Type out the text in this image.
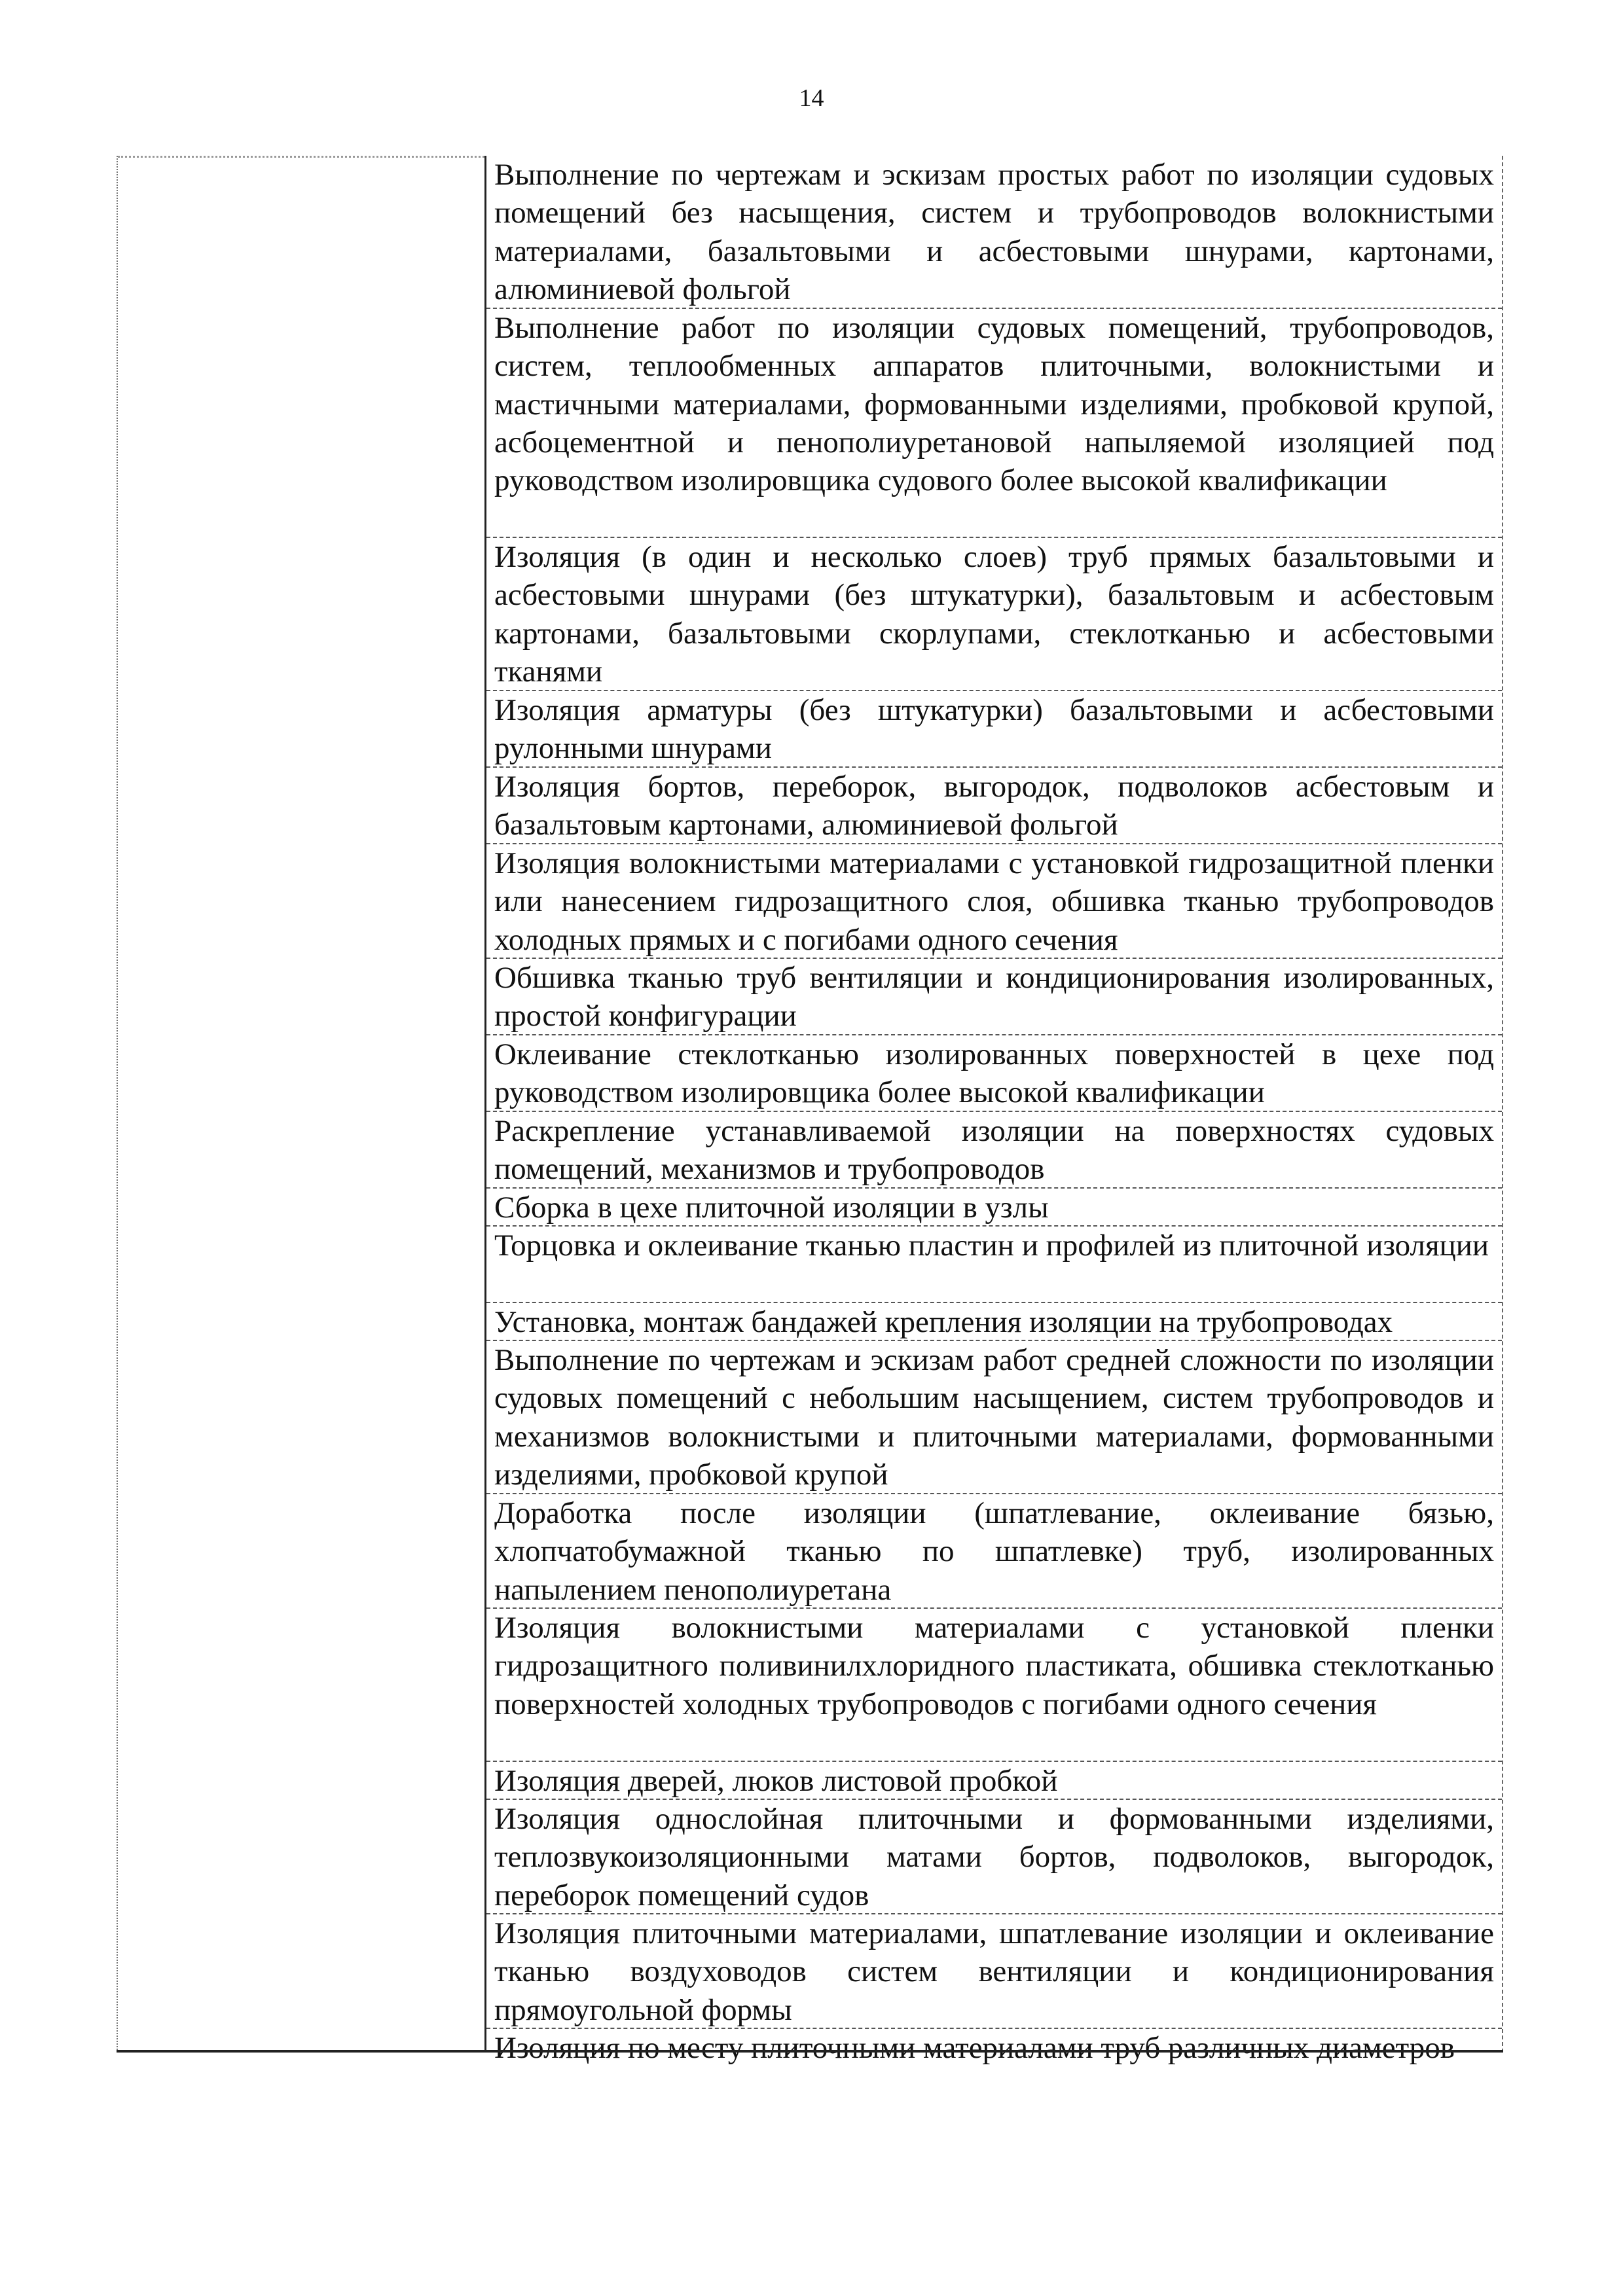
14
Выполнение по чертежам и эскизам простых работ по изоляции судовых помещений без насыщения, систем и трубопроводов волокнистыми материалами, базальтовыми и асбестовыми шнурами, картонами, алюминиевой фольгой
Выполнение работ по изоляции судовых помещений, трубопроводов, систем, теплообменных аппаратов плиточными, волокнистыми и мастичными материалами, формованными изделиями, пробковой крупой, асбоцементной и пенополиуретановой напыляемой изоляцией под руководством изолировщика судового более высокой квалификации
Изоляция (в один и несколько слоев) труб прямых базальтовыми и асбестовыми шнурами (без штукатурки), базальтовым и асбестовым картонами, базальтовыми скорлупами, стеклотканью и асбестовыми тканями
Изоляция арматуры (без штукатурки) базальтовыми и асбестовыми рулонными шнурами
Изоляция бортов, переборок, выгородок, подволоков асбестовым и базальтовым картонами, алюминиевой фольгой
Изоляция волокнистыми материалами с установкой гидрозащитной пленки или нанесением гидрозащитного слоя, обшивка тканью трубопроводов холодных прямых и с погибами одного сечения
Обшивка тканью труб вентиляции и кондиционирования изолированных, простой конфигурации
Оклеивание стеклотканью изолированных поверхностей в цехе под руководством изолировщика более высокой квалификации
Раскрепление устанавливаемой изоляции на поверхностях судовых помещений, механизмов и трубопроводов
Сборка в цехе плиточной изоляции в узлы
Торцовка и оклеивание тканью пластин и профилей из плиточной изоляции
Установка, монтаж бандажей крепления изоляции на трубопроводах
Выполнение по чертежам и эскизам работ средней сложности по изоляции судовых помещений с небольшим насыщением, систем трубопроводов и механизмов волокнистыми и плиточными материалами, формованными изделиями, пробковой крупой
Доработка после изоляции (шпатлевание, оклеивание бязью, хлопчатобумажной тканью по шпатлевке) труб, изолированных напылением пенополиуретана
Изоляция волокнистыми материалами с установкой пленки гидрозащитного поливинилхлоридного пластиката, обшивка стеклотканью поверхностей холодных трубопроводов с погибами одного сечения
Изоляция дверей, люков листовой пробкой
Изоляция однослойная плиточными и формованными изделиями, теплозвукоизоляционными матами бортов, подволоков, выгородок, переборок помещений судов
Изоляция плиточными материалами, шпатлевание изоляции и оклеивание тканью воздуховодов систем вентиляции и кондиционирования прямоугольной формы
Изоляция по месту плиточными материалами труб различных диаметров
